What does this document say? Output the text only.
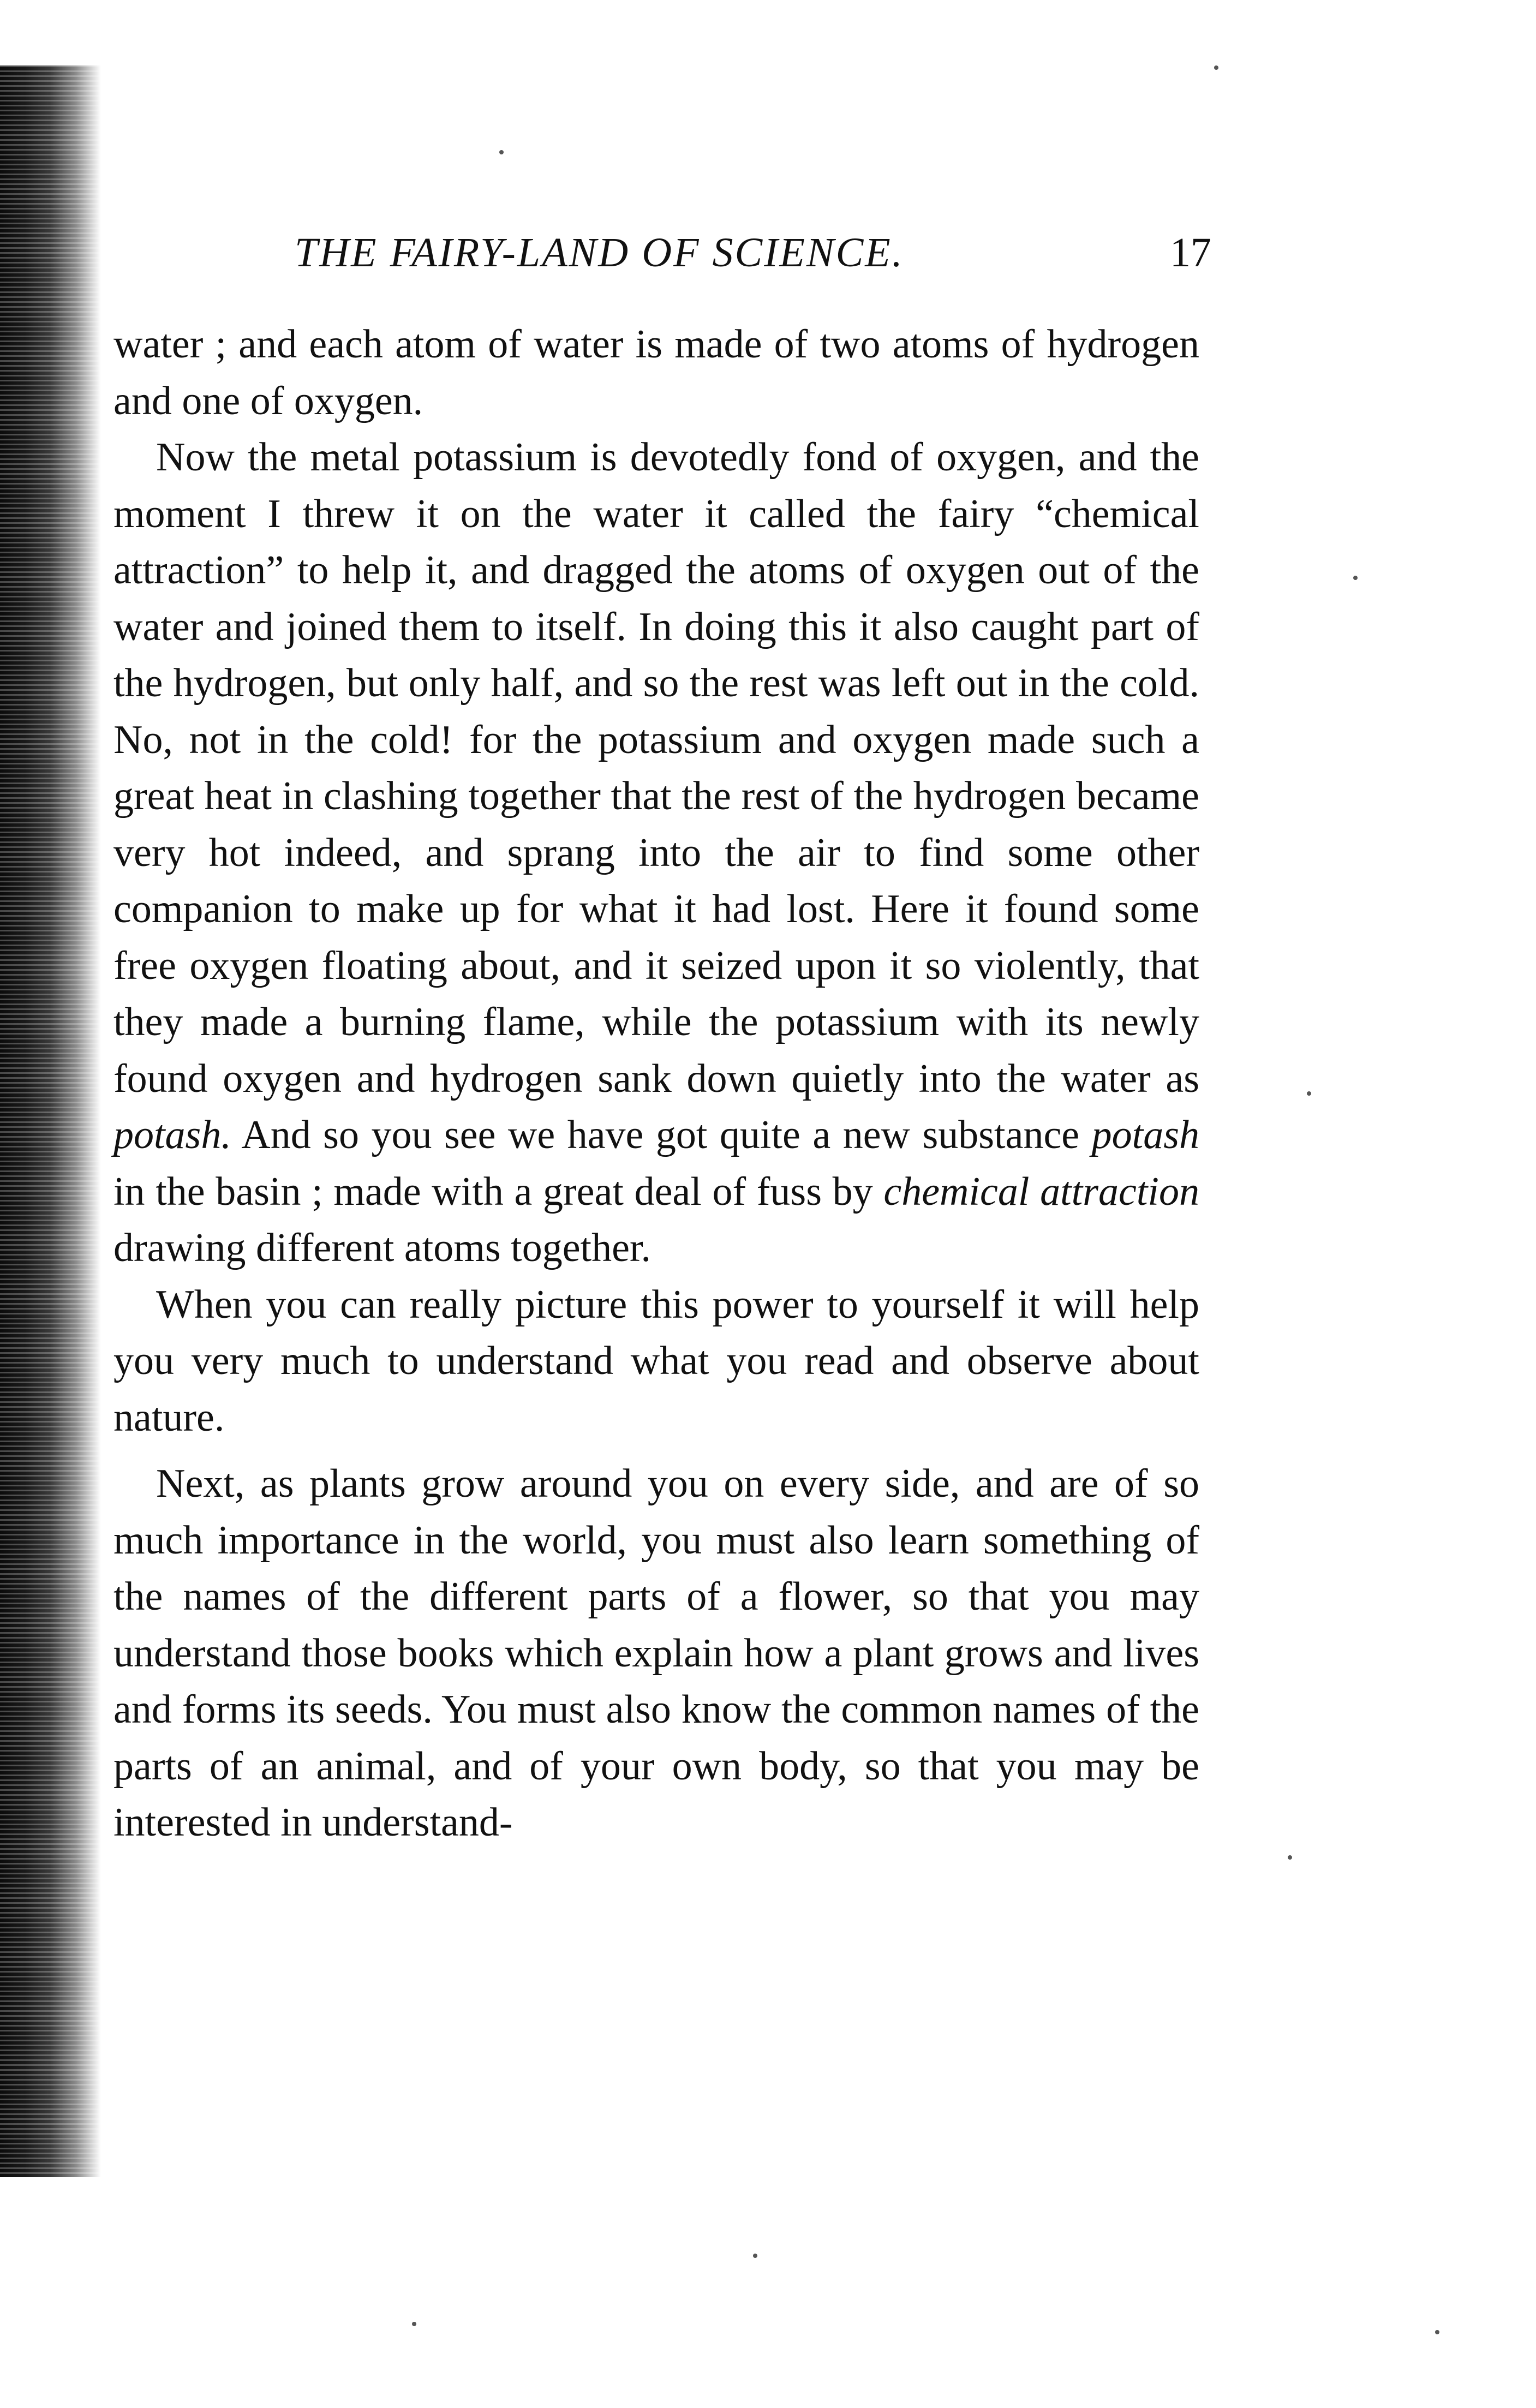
THE FAIRY-LAND OF SCIENCE.	17

water ; and each atom of water is made of two atoms of hydrogen and one of oxygen.

Now the metal potassium is devotedly fond of oxygen, and the moment I threw it on the water it called the fairy “chemical attraction” to help it, and dragged the atoms of oxygen out of the water and joined them to itself. In doing this it also caught part of the hydrogen, but only half, and so the rest was left out in the cold. No, not in the cold! for the potassium and oxygen made such a great heat in clashing together that the rest of the hydrogen became very hot indeed, and sprang into the air to find some other companion to make up for what it had lost. Here it found some free oxygen floating about, and it seized upon it so violently, that they made a burning flame, while the potassium with its newly found oxygen and hydrogen sank down quietly into the water as potash. And so you see we have got quite a new substance potash in the basin ; made with a great deal of fuss by chemical attraction drawing different atoms together.

When you can really picture this power to yourself it will help you very much to understand what you read and observe about nature.

Next, as plants grow around you on every side, and are of so much importance in the world, you must also learn something of the names of the different parts of a flower, so that you may understand those books which explain how a plant grows and lives and forms its seeds. You must also know the common names of the parts of an animal, and of your own body, so that you may be interested in understand-
